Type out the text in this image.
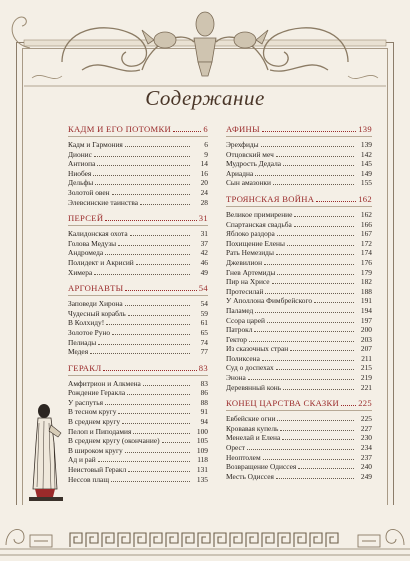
Содержание
КАДМ И ЕГО ПОТОМКИ	6
Кадм и Гармония	6
Дионис	9
Антиопа	14
Ниобея	16
Дельфы	20
Золотой овен	24
Элевсинские таинства	28
ПЕРСЕЙ	31
Калидонская охота	31
Голова Медузы	37
Андромеда	42
Полидект и Акрисий	46
Химера	49
АРГОНАВТЫ	54
Заповеди Хирона	54
Чудесный корабль	59
В Колхиду!	61
Золотое Руно	65
Пелиады	74
Медея	77
ГЕРАКЛ	83
Амфитрион и Алкмена	83
Рождение Геракла	86
У распутья	88
В тесном кругу	91
В среднем кругу	94
Пелоп и Пиподамия	100
В среднем кругу (окончание)	105
В широком кругу	109
Ад и рай	118
Неистовый Геракл	131
Нессов плащ	135
АФИНЫ	139
Эрехфиды	139
Отцовский меч	142
Мудрость Дедала	145
Ариадна	149
Сын амазонки	155
ТРОЯНСКАЯ ВОЙНА	162
Великое примирение	162
Спартанская свадьба	166
Яблоко раздора	167
Похищение Елены	172
Рать Немезиды	174
Джевилион	176
Гнев Артемиды	179
Пир на Хрисе	182
Протесилай	188
У Аполлона Фимбрейского	191
Паламед	194
Ссора царей	197
Патрокл	200
Гектор	203
Из сказочных стран	207
Поликсена	211
Суд о доспехах	215
Энона	219
Деревянный конь	221
КОНЕЦ ЦАРСТВА СКАЗКИ 225
Евбейские огни	225
Кровавая купель	227
Менелай и Елена	230
Орест	234
Неоптолем	237
Возвращение Одиссея	240
Месть Одиссея	249
